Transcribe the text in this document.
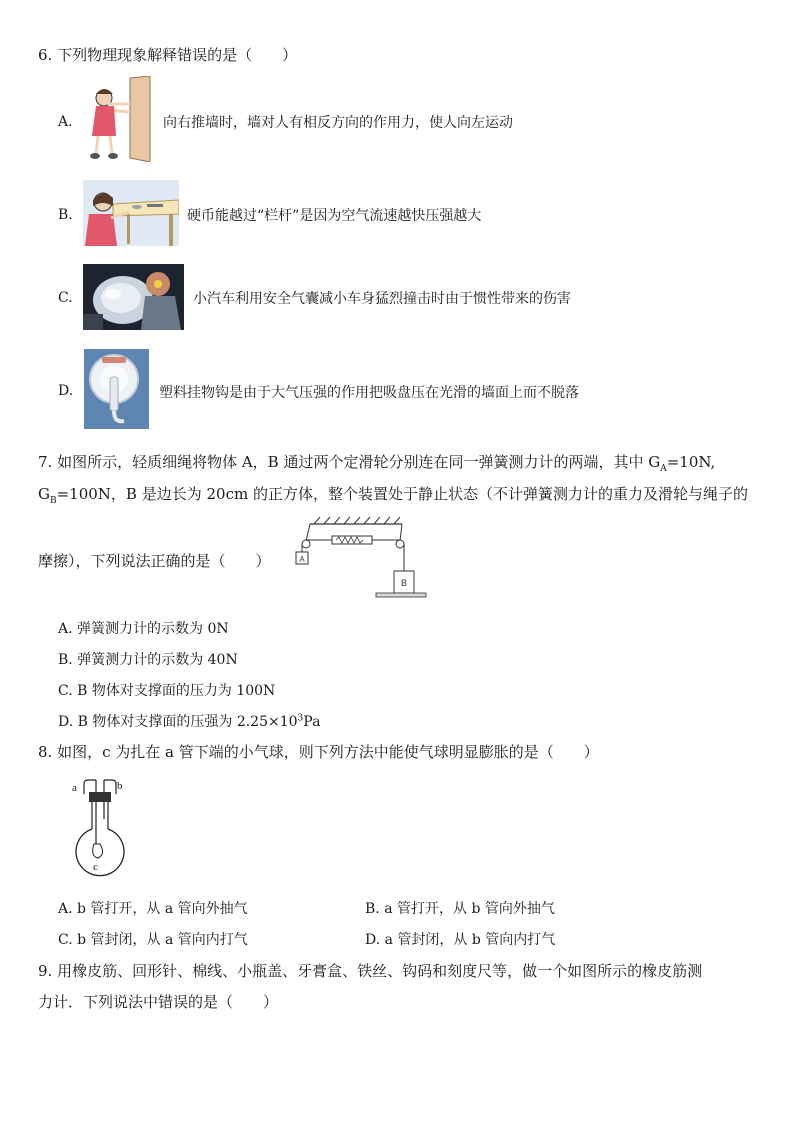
6. 下列物理现象解释错误的是（　　）
A.	向右推墙时，墙对人有相反方向的作用力，使人向左运动
B.	硬币能越过“栏杆”是因为空气流速越快压强越大
C.	小汽车利用安全气囊减小车身猛烈撞击时由于惯性带来的伤害
D.	塑料挂物钩是由于大气压强的作用把吸盘压在光滑的墙面上而不脱落
7. 如图所示，轻质细绳将物体 A，B 通过两个定滑轮分别连在同一弹簧测力计的两端，其中 $G_A=10N$,
$G_B=100N$，B 是边长为 20cm 的正方体，整个装置处于静止状态（不计弹簧测力计的重力及滑轮与绳子的
摩擦），下列说法正确的是（　　）	A
B
A. 弹簧测力计的示数为 0N
B. 弹簧测力计的示数为 40N
C. B 物体对支撑面的压力为 100N
D. B 物体对支撑面的压强为 $2.25\times 10^3Pa$
8. 如图，c 为扎在 a 管下端的小气球，则下列方法中能使气球明显膨胀的是（　　）
a	b
c
A. b 管打开，从 a 管向外抽气	B. a 管打开，从 b 管向外抽气
C. b 管封闭，从 a 管向内打气	D. a 管封闭，从 b 管向内打气
9. 用橡皮筋、回形针、棉线、小瓶盖、牙膏盒、铁丝、钩码和刻度尺等，做一个如图所示的橡皮筋测
力计．下列说法中错误的是（　　）
